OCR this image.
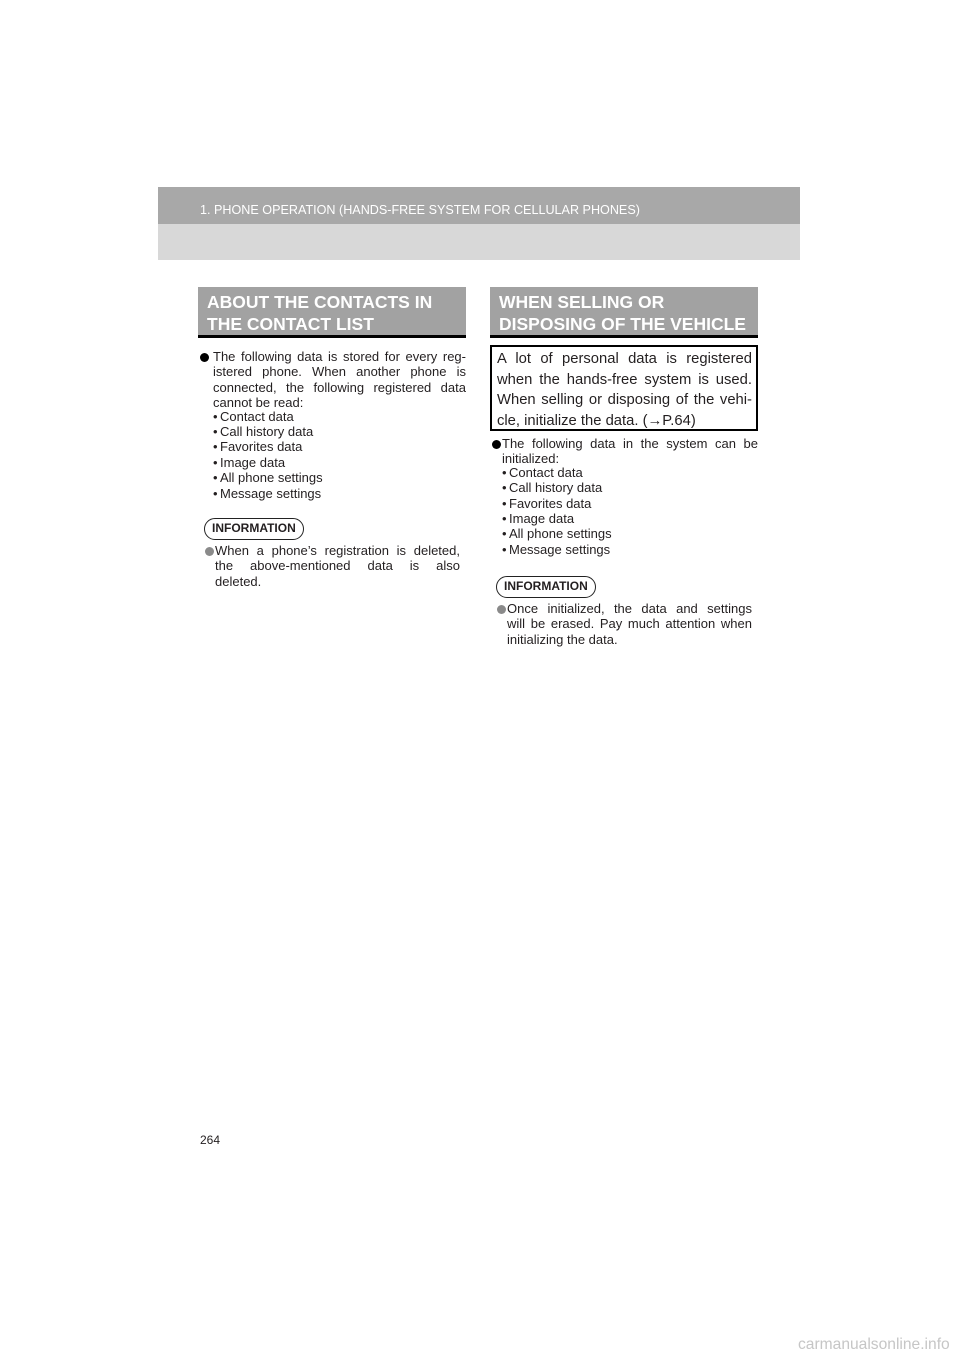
1. PHONE OPERATION (HANDS-FREE SYSTEM FOR CELLULAR PHONES)
ABOUT THE CONTACTS IN
THE CONTACT LIST
The following data is stored for every reg-
istered phone. When another phone is
connected, the following registered data
cannot be read:
• Contact data
• Call history data
• Favorites data
• Image data
• All phone settings
• Message settings
INFORMATION
When a phone’s registration is deleted,
the above-mentioned data is also
deleted.
WHEN SELLING OR
DISPOSING OF THE VEHICLE
A lot of personal data is registered
when the hands-free system is used.
When selling or disposing of the vehi-
cle, initialize the data. (→P.64)
The following data in the system can be
initialized:
• Contact data
• Call history data
• Favorites data
• Image data
• All phone settings
• Message settings
INFORMATION
Once initialized, the data and settings
will be erased. Pay much attention when
initializing the data.
264
carmanualsonline.info
